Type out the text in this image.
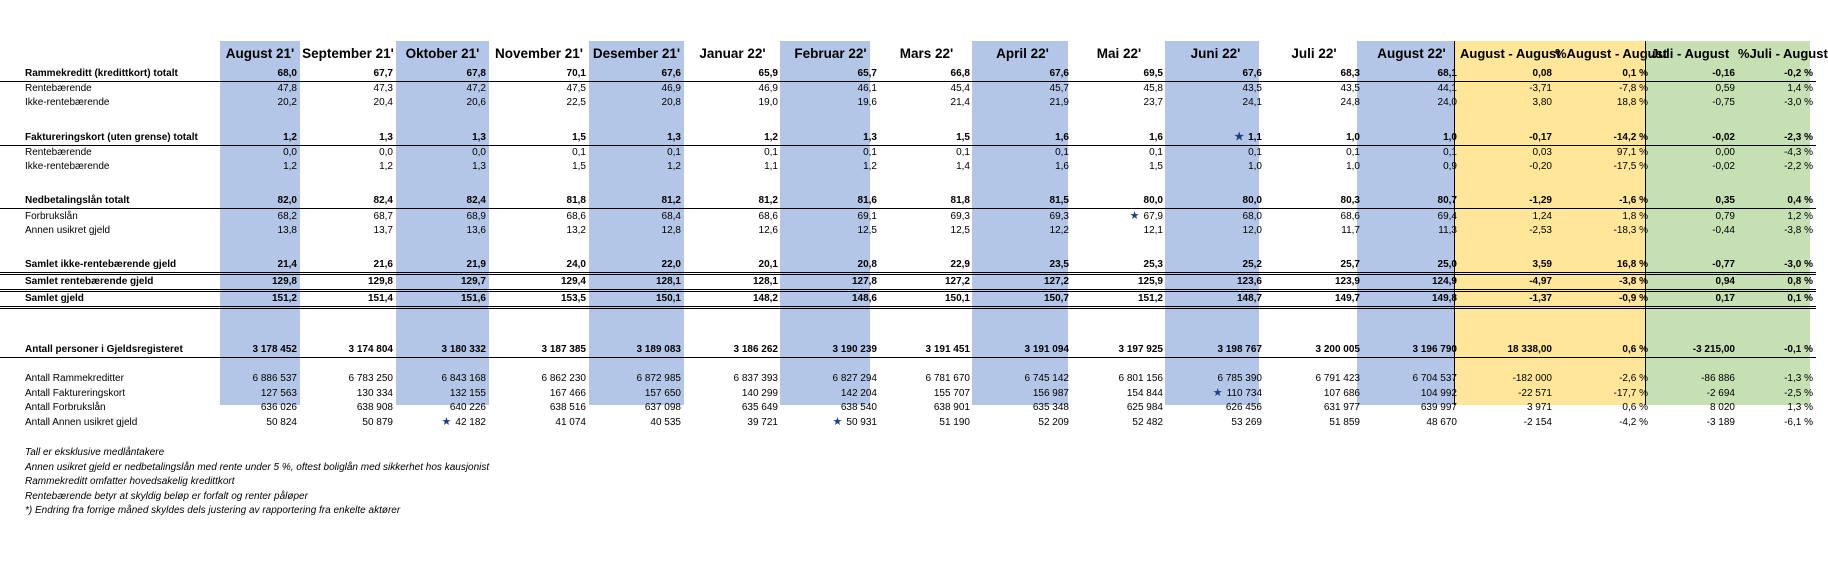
	August 21'	September 21'	Oktober 21'	November 21'	Desember 21'	Januar 22'	Februar 22'	Mars 22'	April 22'	Mai 22'	Juni 22'	Juli 22'	August 22'	August - August	%August - August	Juli - August	%Juli - August
Rammekreditt (kredittkort) totalt	68,0	67,7	67,8	70,1	67,6	65,9	65,7	66,8	67,6	69,5	67,6	68,3	68,1	0,08	0,1 %	-0,16	-0,2 %
Rentebærende	47,8	47,3	47,2	47,5	46,9	46,9	46,1	45,4	45,7	45,8	43,5	43,5	44,1	-3,71	-7,8 %	0,59	1,4 %
Ikke-rentebærende	20,2	20,4	20,6	22,5	20,8	19,0	19,6	21,4	21,9	23,7	24,1	24,8	24,0	3,80	18,8 %	-0,75	-3,0 %

Faktureringskort (uten grense) totalt	1,2	1,3	1,3	1,5	1,3	1,2	1,3	1,5	1,6	1,6	★ 1,1	1,0	1,0	-0,17	-14,2 %	-0,02	-2,3 %
Rentebærende	0,0	0,0	0,0	0,1	0,1	0,1	0,1	0,1	0,1	0,1	0,1	0,1	0,1	0,03	97,1 %	0,00	-4,3 %
Ikke-rentebærende	1,2	1,2	1,3	1,5	1,2	1,1	1,2	1,4	1,6	1,5	1,0	1,0	0,9	-0,20	-17,5 %	-0,02	-2,2 %

Nedbetalingslån totalt	82,0	82,4	82,4	81,8	81,2	81,2	81,6	81,8	81,5	80,0	80,0	80,3	80,7	-1,29	-1,6 %	0,35	0,4 %
Forbrukslån	68,2	68,7	68,9	68,6	68,4	68,6	69,1	69,3	69,3	★ 67,9	68,0	68,6	69,4	1,24	1,8 %	0,79	1,2 %
Annen usikret gjeld	13,8	13,7	13,6	13,2	12,8	12,6	12,5	12,5	12,2	12,1	12,0	11,7	11,3	-2,53	-18,3 %	-0,44	-3,8 %

Samlet ikke-rentebærende gjeld	21,4	21,6	21,9	24,0	22,0	20,1	20,8	22,9	23,5	25,3	25,2	25,7	25,0	3,59	16,8 %	-0,77	-3,0 %
Samlet rentebærende gjeld	129,8	129,8	129,7	129,4	128,1	128,1	127,8	127,2	127,2	125,9	123,6	123,9	124,9	-4,97	-3,8 %	0,94	0,8 %
Samlet gjeld	151,2	151,4	151,6	153,5	150,1	148,2	148,6	150,1	150,7	151,2	148,7	149,7	149,8	-1,37	-0,9 %	0,17	0,1 %

Antall personer i Gjeldsregisteret	3 178 452	3 174 804	3 180 332	3 187 385	3 189 083	3 186 262	3 190 239	3 191 451	3 191 094	3 197 925	3 198 767	3 200 005	3 196 790	18 338,00	0,6 %	-3 215,00	-0,1 %

Antall Rammekreditter	6 886 537	6 783 250	6 843 168	6 862 230	6 872 985	6 837 393	6 827 294	6 781 670	6 745 142	6 801 156	6 785 390	6 791 423	6 704 537	-182 000	-2,6 %	-86 886	-1,3 %
Antall Faktureringskort	127 563	130 334	132 155	167 466	157 650	140 299	142 204	155 707	156 987	154 844	★ 110 734	107 686	104 992	-22 571	-17,7 %	-2 694	-2,5 %
Antall Forbrukslån	636 026	638 908	640 226	638 516	637 098	635 649	638 540	638 901	635 348	625 984	626 456	631 977	639 997	3 971	0,6 %	8 020	1,3 %
Antall Annen usikret gjeld	50 824	50 879	★ 42 182	41 074	40 535	39 721	★ 50 931	51 190	52 209	52 482	53 269	51 859	48 670	-2 154	-4,2 %	-3 189	-6,1 %
Tall er eksklusive medlåntakere
Annen usikret gjeld er nedbetalingslån med rente under 5 %, oftest boliglån med sikkerhet hos kausjonist
Rammekreditt omfatter hovedsakelig kredittkort
Rentebærende betyr at skyldig beløp er forfalt og renter påløper
*) Endring fra forrige måned skyldes dels justering av rapportering fra enkelte aktører
